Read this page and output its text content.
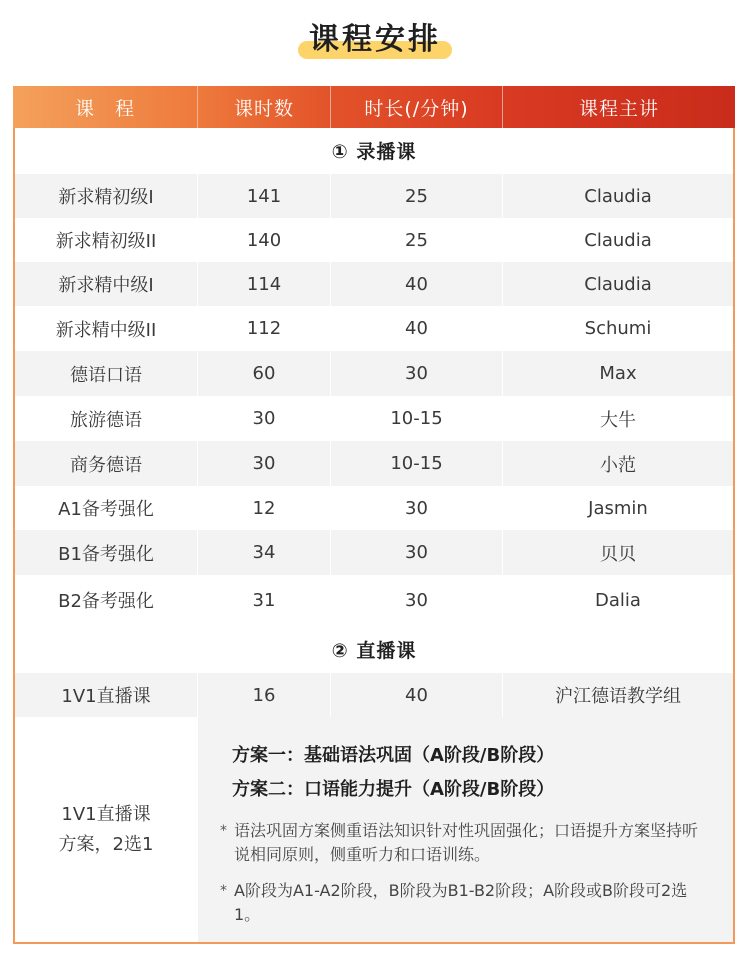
课程安排
课　程	课时数	时长(/分钟)	课程主讲
① 录播课
新求精初级I	141	25	Claudia
新求精初级II	140	25	Claudia
新求精中级I	114	40	Claudia
新求精中级II	112	40	Schumi
德语口语	60	30	Max
旅游德语	30	10-15	大牛
商务德语	30	10-15	小范
A1备考强化	12	30	Jasmin
B1备考强化	34	30	贝贝
B2备考强化	31	30	Dalia
② 直播课
1V1直播课	16	40	沪江德语教学组
1V1直播课
方案，2选1
方案一：基础语法巩固（A阶段/B阶段）
方案二：口语能力提升（A阶段/B阶段）
* 语法巩固方案侧重语法知识针对性巩固强化；口语提升方案坚持听说相同原则，侧重听力和口语训练。
* A阶段为A1-A2阶段，B阶段为B1-B2阶段；A阶段或B阶段可2选1。
